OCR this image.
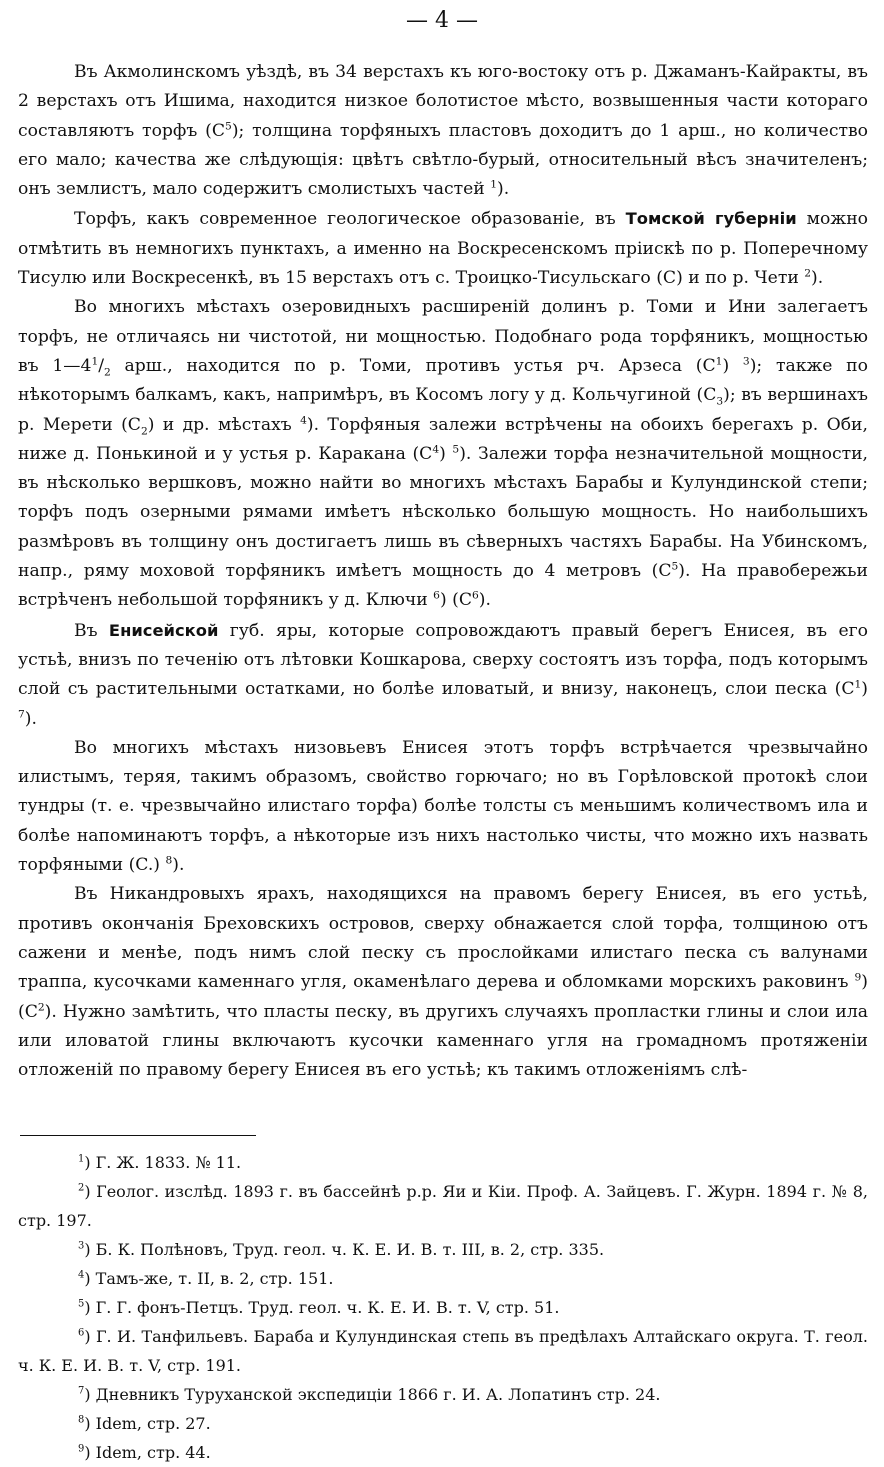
— 4 —

Въ Акмолинскомъ уѣздѣ, въ 34 верстахъ къ юго-востоку отъ р. Джаманъ-Кайракты, въ 2 верстахъ отъ Ишима, находится низкое болотистое мѣсто, возвышенныя части котораго составляютъ торфъ $(C^5)$; толщина торфяныхъ пластовъ доходитъ до 1 арш., но количество его мало; качества же слѣдующія: цвѣтъ свѣтло-бурый, относительный вѣсъ значителенъ; онъ землистъ, мало содержитъ смолистыхъ частей $^1$).

Торфъ, какъ современное геологическое образованіе, въ Томской губерніи можно отмѣтить въ немногихъ пунктахъ, а именно на Воскресенскомъ пріискѣ по р. Поперечному Тисулю или Воскресенкѣ, въ 15 верстахъ отъ с. Троицко-Тисульскаго (C) и по р. Чети $^2$).

Во многихъ мѣстахъ озеровидныхъ расширеній долинъ р. Томи и Ини залегаетъ торфъ, не отличаясь ни чистотой, ни мощностью. Подобнаго рода торфяникъ, мощностью въ $1—4^1/_2$ арш., находится по р. Томи, противъ устья рч. Арзеса $(C^1)$ $^3$); также по нѣкоторымъ балкамъ, какъ, напримѣръ, въ Косомъ логу у д. Кольчугиной $(C_3)$; въ вершинахъ р. Мерети $(C_2)$ и др. мѣстахъ $^4$). Торфяныя залежи встрѣчены на обоихъ берегахъ р. Оби, ниже д. Понькиной и у устья р. Каракана $(C^4)$ $^5$). Залежи торфа незначительной мощности, въ нѣсколько вершковъ, можно найти во многихъ мѣстахъ Барабы и Кулундинской степи; торфъ подъ озерными рямами имѣетъ нѣсколько большую мощность. Но наибольшихъ размѣровъ въ толщину онъ достигаетъ лишь въ сѣверныхъ частяхъ Барабы. На Убинскомъ, напр., ряму моховой торфяникъ имѣетъ мощность до 4 метровъ $(C^5)$. На правобережьи встрѣченъ небольшой торфяникъ у д. Ключи $^6$) $(C^6)$.

Въ Енисейской губ. яры, которые сопровождаютъ правый берегъ Енисея, въ его устьѣ, внизъ по теченію отъ лѣтовки Кошкарова, сверху состоятъ изъ торфа, подъ которымъ слой съ растительными остатками, но болѣе иловатый, и внизу, наконецъ, слои песка $(C^1)$ $^7$).

Во многихъ мѣстахъ низовьевъ Енисея этотъ торфъ встрѣчается чрезвычайно илистымъ, теряя, такимъ образомъ, свойство горючаго; но въ Горѣловской протокѣ слои тундры (т. е. чрезвычайно илистаго торфа) болѣе толсты съ меньшимъ количествомъ ила и болѣе напоминаютъ торфъ, а нѣкоторые изъ нихъ настолько чисты, что можно ихъ назвать торфяными (C.) $^8$).

Въ Никандровыхъ ярахъ, находящихся на правомъ берегу Енисея, въ его устьѣ, противъ окончанія Бреховскихъ островов, сверху обнажается слой торфа, толщиною отъ сажени и менѣе, подъ нимъ слой песку съ прослойками илистаго песка съ валунами траппа, кусочками каменнаго угля, окаменѣлаго дерева и обломками морскихъ раковинъ $^9$) $(C^2)$. Нужно замѣтить, что пласты песку, въ другихъ случаяхъ пропластки глины и слои ила или иловатой глины включаютъ кусочки каменнаго угля на громадномъ протяженіи отложеній по правому берегу Енисея въ его устьѣ; къ такимъ отложеніямъ слѣ-

$^1$) Г. Ж. 1833. № 11.
$^2$) Геолог. изслѣд. 1893 г. въ бассейнѣ р.р. Яи и Кіи. Проф. А. Зайцевъ. Г. Журн. 1894 г. № 8, стр. 197.
$^3$) Б. К. Полѣновъ, Труд. геол. ч. К. Е. И. В. т. III, в. 2, стр. 335.
$^4$) Тамъ-же, т. II, в. 2, стр. 151.
$^5$) Г. Г. фонъ-Петцъ. Труд. геол. ч. К. Е. И. В. т. V, стр. 51.
$^6$) Г. И. Танфильевъ. Бараба и Кулундинская степь въ предѣлахъ Алтайскаго округа. Т. геол. ч. К. Е. И. В. т. V, стр. 191.
$^7$) Дневникъ Туруханской экспедиціи 1866 г. И. А. Лопатинъ стр. 24.
$^8$) Idem, стр. 27.
$^9$) Idem, стр. 44.
